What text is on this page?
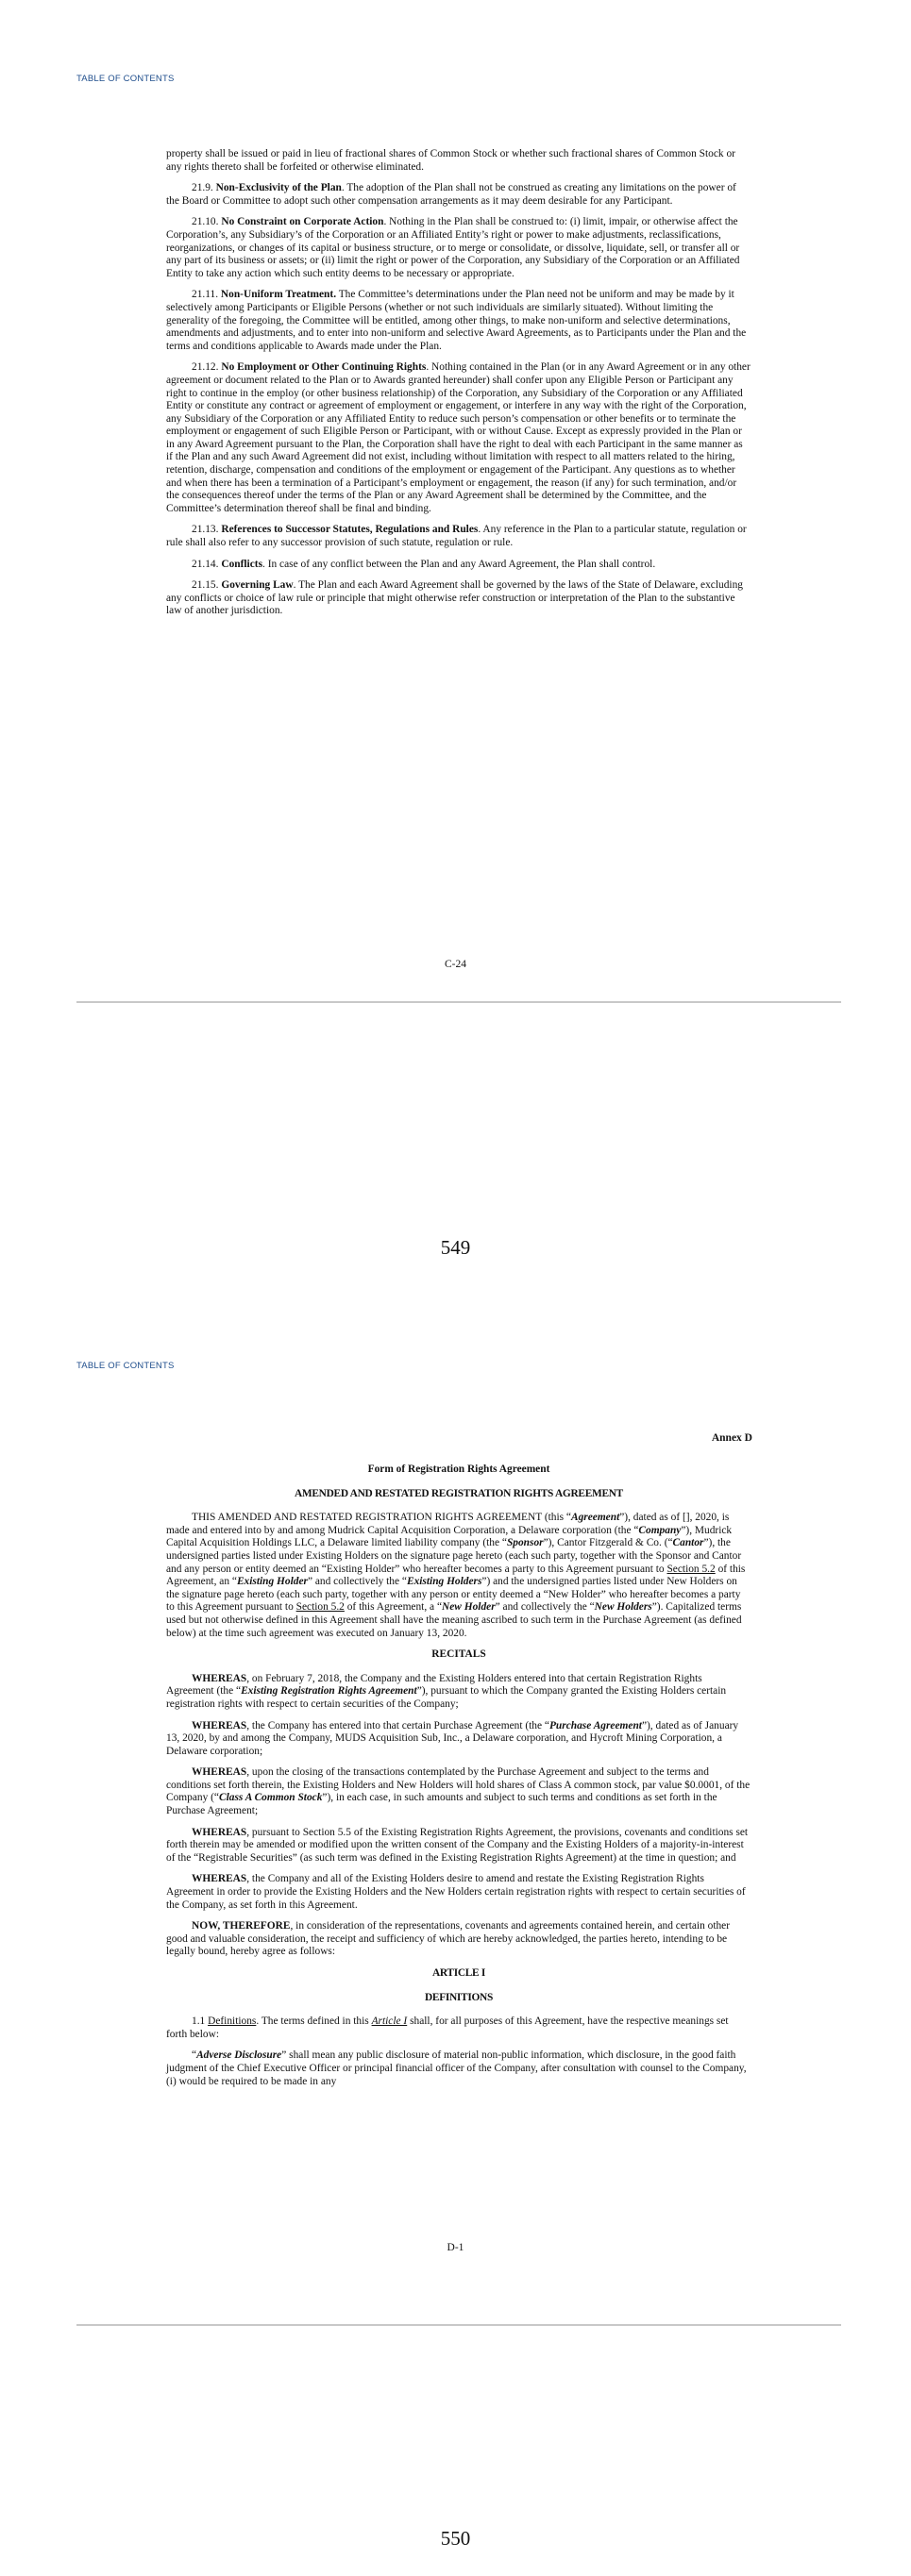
TABLE OF CONTENTS

property shall be issued or paid in lieu of fractional shares of Common Stock or whether such fractional shares of Common Stock or any rights thereto shall be forfeited or otherwise eliminated.

21.9. Non-Exclusivity of the Plan. The adoption of the Plan shall not be construed as creating any limitations on the power of the Board or Committee to adopt such other compensation arrangements as it may deem desirable for any Participant.

21.10. No Constraint on Corporate Action. Nothing in the Plan shall be construed to: (i) limit, impair, or otherwise affect the Corporation’s, any Subsidiary’s of the Corporation or an Affiliated Entity’s right or power to make adjustments, reclassifications, reorganizations, or changes of its capital or business structure, or to merge or consolidate, or dissolve, liquidate, sell, or transfer all or any part of its business or assets; or (ii) limit the right or power of the Corporation, any Subsidiary of the Corporation or an Affiliated Entity to take any action which such entity deems to be necessary or appropriate.

21.11. Non-Uniform Treatment. The Committee’s determinations under the Plan need not be uniform and may be made by it selectively among Participants or Eligible Persons (whether or not such individuals are similarly situated). Without limiting the generality of the foregoing, the Committee will be entitled, among other things, to make non-uniform and selective determinations, amendments and adjustments, and to enter into non-uniform and selective Award Agreements, as to Participants under the Plan and the terms and conditions applicable to Awards made under the Plan.

21.12. No Employment or Other Continuing Rights. Nothing contained in the Plan (or in any Award Agreement or in any other agreement or document related to the Plan or to Awards granted hereunder) shall confer upon any Eligible Person or Participant any right to continue in the employ (or other business relationship) of the Corporation, any Subsidiary of the Corporation or any Affiliated Entity or constitute any contract or agreement of employment or engagement, or interfere in any way with the right of the Corporation, any Subsidiary of the Corporation or any Affiliated Entity to reduce such person’s compensation or other benefits or to terminate the employment or engagement of such Eligible Person or Participant, with or without Cause. Except as expressly provided in the Plan or in any Award Agreement pursuant to the Plan, the Corporation shall have the right to deal with each Participant in the same manner as if the Plan and any such Award Agreement did not exist, including without limitation with respect to all matters related to the hiring, retention, discharge, compensation and conditions of the employment or engagement of the Participant. Any questions as to whether and when there has been a termination of a Participant’s employment or engagement, the reason (if any) for such termination, and/or the consequences thereof under the terms of the Plan or any Award Agreement shall be determined by the Committee, and the Committee’s determination thereof shall be final and binding.

21.13. References to Successor Statutes, Regulations and Rules. Any reference in the Plan to a particular statute, regulation or rule shall also refer to any successor provision of such statute, regulation or rule.

21.14. Conflicts. In case of any conflict between the Plan and any Award Agreement, the Plan shall control.

21.15. Governing Law. The Plan and each Award Agreement shall be governed by the laws of the State of Delaware, excluding any conflicts or choice of law rule or principle that might otherwise refer construction or interpretation of the Plan to the substantive law of another jurisdiction.

C-24
549
TABLE OF CONTENTS
Annex D

Form of Registration Rights Agreement

AMENDED AND RESTATED REGISTRATION RIGHTS AGREEMENT

THIS AMENDED AND RESTATED REGISTRATION RIGHTS AGREEMENT (this “Agreement”), dated as of [], 2020, is made and entered into by and among Mudrick Capital Acquisition Corporation, a Delaware corporation (the “Company”), Mudrick Capital Acquisition Holdings LLC, a Delaware limited liability company (the “Sponsor”), Cantor Fitzgerald & Co. (“Cantor”), the undersigned parties listed under Existing Holders on the signature page hereto (each such party, together with the Sponsor and Cantor and any person or entity deemed an “Existing Holder” who hereafter becomes a party to this Agreement pursuant to Section 5.2 of this Agreement, an “Existing Holder” and collectively the “Existing Holders”) and the undersigned parties listed under New Holders on the signature page hereto (each such party, together with any person or entity deemed a “New Holder” who hereafter becomes a party to this Agreement pursuant to Section 5.2 of this Agreement, a “New Holder” and collectively the “New Holders”). Capitalized terms used but not otherwise defined in this Agreement shall have the meaning ascribed to such term in the Purchase Agreement (as defined below) at the time such agreement was executed on January 13, 2020.

RECITALS

WHEREAS, on February 7, 2018, the Company and the Existing Holders entered into that certain Registration Rights Agreement (the “Existing Registration Rights Agreement”), pursuant to which the Company granted the Existing Holders certain registration rights with respect to certain securities of the Company;

WHEREAS, the Company has entered into that certain Purchase Agreement (the “Purchase Agreement”), dated as of January 13, 2020, by and among the Company, MUDS Acquisition Sub, Inc., a Delaware corporation, and Hycroft Mining Corporation, a Delaware corporation;

WHEREAS, upon the closing of the transactions contemplated by the Purchase Agreement and subject to the terms and conditions set forth therein, the Existing Holders and New Holders will hold shares of Class A common stock, par value $0.0001, of the Company (“Class A Common Stock”), in each case, in such amounts and subject to such terms and conditions as set forth in the Purchase Agreement;

WHEREAS, pursuant to Section 5.5 of the Existing Registration Rights Agreement, the provisions, covenants and conditions set forth therein may be amended or modified upon the written consent of the Company and the Existing Holders of a majority-in-interest of the “Registrable Securities” (as such term was defined in the Existing Registration Rights Agreement) at the time in question; and

WHEREAS, the Company and all of the Existing Holders desire to amend and restate the Existing Registration Rights Agreement in order to provide the Existing Holders and the New Holders certain registration rights with respect to certain securities of the Company, as set forth in this Agreement.

NOW, THEREFORE, in consideration of the representations, covenants and agreements contained herein, and certain other good and valuable consideration, the receipt and sufficiency of which are hereby acknowledged, the parties hereto, intending to be legally bound, hereby agree as follows:

ARTICLE I

DEFINITIONS

1.1 Definitions. The terms defined in this Article I shall, for all purposes of this Agreement, have the respective meanings set forth below:

“Adverse Disclosure” shall mean any public disclosure of material non-public information, which disclosure, in the good faith judgment of the Chief Executive Officer or principal financial officer of the Company, after consultation with counsel to the Company, (i) would be required to be made in any

D-1
550
